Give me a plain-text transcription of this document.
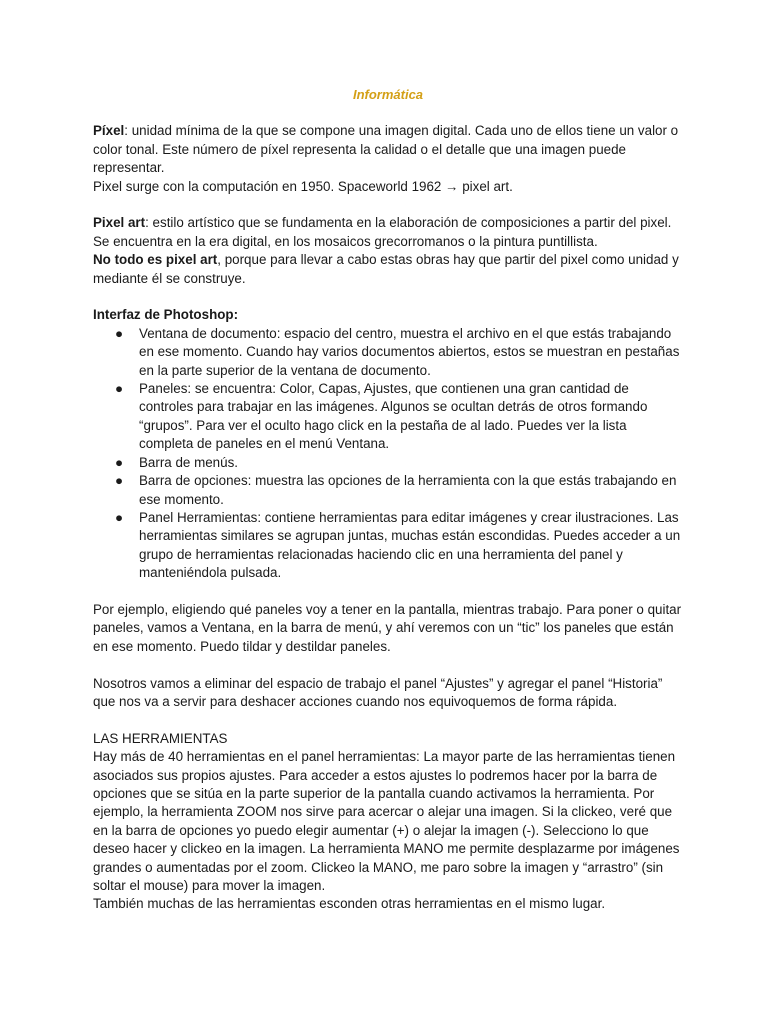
Informática

Píxel: unidad mínima de la que se compone una imagen digital. Cada uno de ellos tiene un valor o color tonal. Este número de píxel representa la calidad o el detalle que una imagen puede representar.

Pixel surge con la computación en 1950. Spaceworld 1962 → pixel art.

Pixel art: estilo artístico que se fundamenta en la elaboración de composiciones a partir del pixel. Se encuentra en la era digital, en los mosaicos grecorromanos o la pintura puntillista.

No todo es pixel art, porque para llevar a cabo estas obras hay que partir del pixel como unidad y mediante él se construye.

Interfaz de Photoshop:

● Ventana de documento: espacio del centro, muestra el archivo en el que estás trabajando en ese momento. Cuando hay varios documentos abiertos, estos se muestran en pestañas en la parte superior de la ventana de documento.
● Paneles: se encuentra: Color, Capas, Ajustes, que contienen una gran cantidad de controles para trabajar en las imágenes. Algunos se ocultan detrás de otros formando “grupos”. Para ver el oculto hago click en la pestaña de al lado. Puedes ver la lista completa de paneles en el menú Ventana.
● Barra de menús.
● Barra de opciones: muestra las opciones de la herramienta con la que estás trabajando en ese momento.
● Panel Herramientas: contiene herramientas para editar imágenes y crear ilustraciones. Las herramientas similares se agrupan juntas, muchas están escondidas. Puedes acceder a un grupo de herramientas relacionadas haciendo clic en una herramienta del panel y manteniéndola pulsada.

Por ejemplo, eligiendo qué paneles voy a tener en la pantalla, mientras trabajo. Para poner o quitar paneles, vamos a Ventana, en la barra de menú, y ahí veremos con un “tic” los paneles que están en ese momento. Puedo tildar y destildar paneles.

Nosotros vamos a eliminar del espacio de trabajo el panel “Ajustes” y agregar el panel “Historia” que nos va a servir para deshacer acciones cuando nos equivoquemos de forma rápida.

LAS HERRAMIENTAS

Hay más de 40 herramientas en el panel herramientas: La mayor parte de las herramientas tienen asociados sus propios ajustes. Para acceder a estos ajustes lo podremos hacer por la barra de opciones que se sitúa en la parte superior de la pantalla cuando activamos la herramienta. Por ejemplo, la herramienta ZOOM nos sirve para acercar o alejar una imagen. Si la clickeo, veré que en la barra de opciones yo puedo elegir aumentar (+) o alejar la imagen (-). Selecciono lo que deseo hacer y clickeo en la imagen. La herramienta MANO me permite desplazarme por imágenes grandes o aumentadas por el zoom. Clickeo la MANO, me paro sobre la imagen y “arrastro” (sin soltar el mouse) para mover la imagen.

También muchas de las herramientas esconden otras herramientas en el mismo lugar.
